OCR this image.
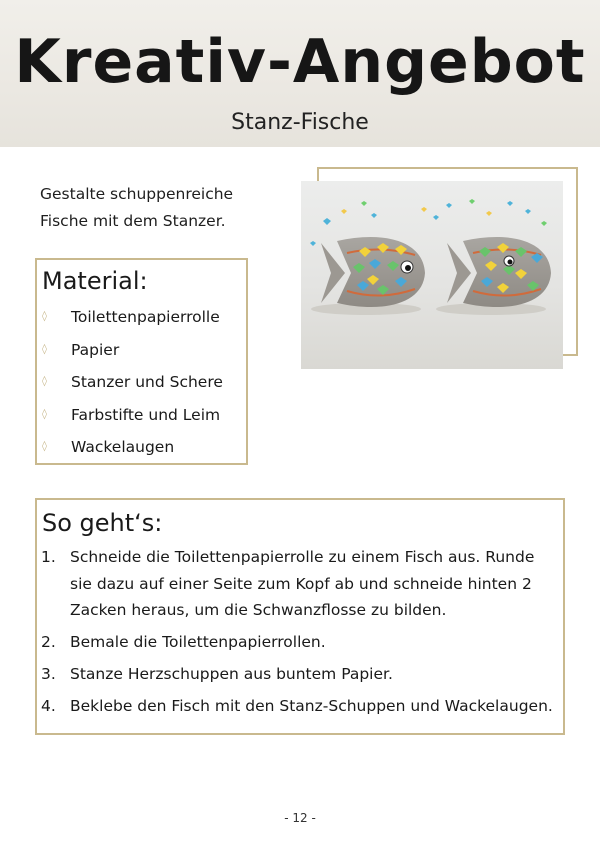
Kreativ-Angebot
Stanz-Fische
Gestalte schuppenreiche
Fische mit dem Stanzer.
Material:
◊ Toilettenpapierrolle
◊ Papier
◊ Stanzer und Schere
◊ Farbstifte und Leim
◊ Wackelaugen
So geht‘s:
1. Schneide die Toilettenpapierrolle zu einem Fisch aus. Runde sie dazu auf einer Seite zum Kopf ab und schneide hinten 2 Zacken heraus, um die Schwanzflosse zu bilden.
2. Bemale die Toilettenpapierrollen.
3. Stanze Herzschuppen aus buntem Papier.
4. Beklebe den Fisch mit den Stanz-Schuppen und Wackelaugen.
- 12 -
